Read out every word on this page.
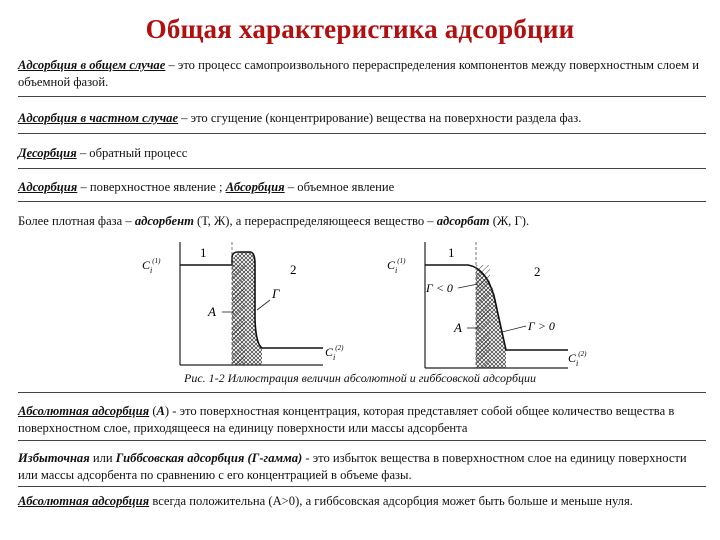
Общая характеристика адсорбции
Адсорбция в общем случае – это процесс самопроизвольного перераспределения компонентов между поверхностным слоем и объемной фазой.
Адсорбция в частном случае – это сгущение (концентрирование) вещества на поверхности раздела фаз.
Десорбция – обратный процесс
Адсорбция – поверхностное явление ; Абсорбция – объемное явление
Более плотная фаза – адсорбент (Т, Ж), а перераспределяющееся вещество – адсорбат (Ж, Г).
$C_i^{(1)}$
$C_i^{(2)}$
1
2
Г
A
$C_i^{(1)}$
$C_i^{(2)}$
1
2
Г < 0
Г > 0
A
Рис. 1-2 Иллюстрация величин абсолютной и гиббсовской адсорбции
Абсолютная адсорбция (А) - это поверхностная концентрация, которая представляет собой общее количество вещества в поверхностном слое, приходящееся на единицу поверхности или массы адсорбента
Избыточная или Гиббсовская адсорбция (Г-гамма) - это избыток вещества в поверхностном слое на единицу поверхности или массы адсорбента по сравнению с его концентрацией в объеме фазы.
Абсолютная адсорбция всегда положительна (А>0), а гиббсовская адсорбция может быть больше и меньше нуля.
